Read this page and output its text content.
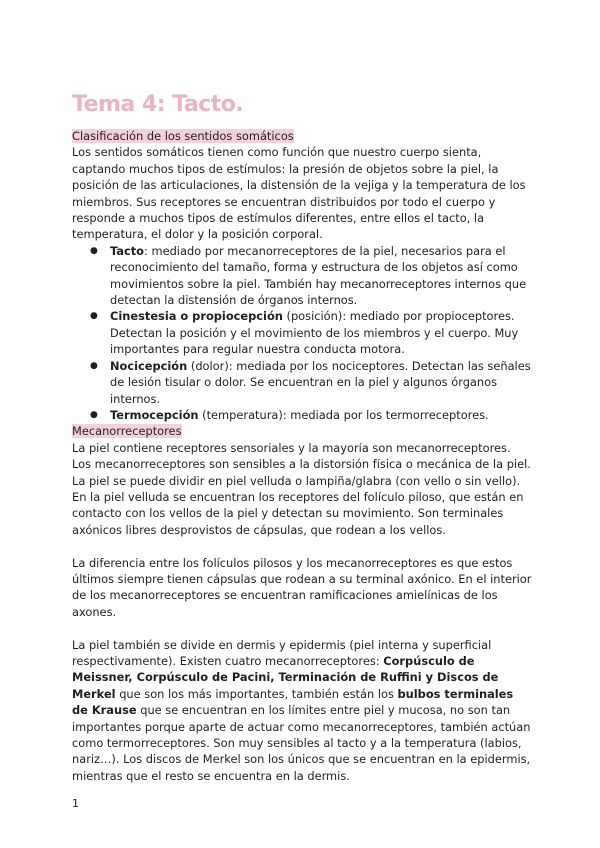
Tema 4: Tacto.

Clasificación de los sentidos somáticos

Los sentidos somáticos tienen como función que nuestro cuerpo sienta, captando muchos tipos de estímulos: la presión de objetos sobre la piel, la posición de las articulaciones, la distensión de la vejiga y la temperatura de los miembros. Sus receptores se encuentran distribuidos por todo el cuerpo y responde a muchos tipos de estímulos diferentes, entre ellos el tacto, la temperatura, el dolor y la posición corporal.

● Tacto: mediado por mecanorreceptores de la piel, necesarios para el reconocimiento del tamaño, forma y estructura de los objetos así como movimientos sobre la piel. También hay mecanorreceptores internos que detectan la distensión de órganos internos.
● Cinestesia o propiocepción (posición): mediado por propioceptores. Detectan la posición y el movimiento de los miembros y el cuerpo. Muy importantes para regular nuestra conducta motora.
● Nocicepción (dolor): mediada por los nociceptores. Detectan las señales de lesión tisular o dolor. Se encuentran en la piel y algunos órganos internos.
● Termocepción (temperatura): mediada por los termorreceptores.

Mecanorreceptores

La piel contiene receptores sensoriales y la mayoría son mecanorreceptores. Los mecanorreceptores son sensibles a la distorsión física o mecánica de la piel. La piel se puede dividir en piel velluda o lampiña/glabra (con vello o sin vello). En la piel velluda se encuentran los receptores del folículo piloso, que están en contacto con los vellos de la piel y detectan su movimiento. Son terminales axónicos libres desprovistos de cápsulas, que rodean a los vellos.

La diferencia entre los folículos pilosos y los mecanorreceptores es que estos últimos siempre tienen cápsulas que rodean a su terminal axónico. En el interior de los mecanorreceptores se encuentran ramificaciones amielínicas de los axones.

La piel también se divide en dermis y epidermis (piel interna y superficial respectivamente). Existen cuatro mecanorreceptores: Corpúsculo de Meissner, Corpúsculo de Pacini, Terminación de Ruffini y Discos de Merkel que son los más importantes, también están los bulbos terminales de Krause que se encuentran en los límites entre piel y mucosa, no son tan importantes porque aparte de actuar como mecanorreceptores, también actúan como termorreceptores. Son muy sensibles al tacto y a la temperatura (labios, nariz…). Los discos de Merkel son los únicos que se encuentran en la epidermis, mientras que el resto se encuentra en la dermis.

1
